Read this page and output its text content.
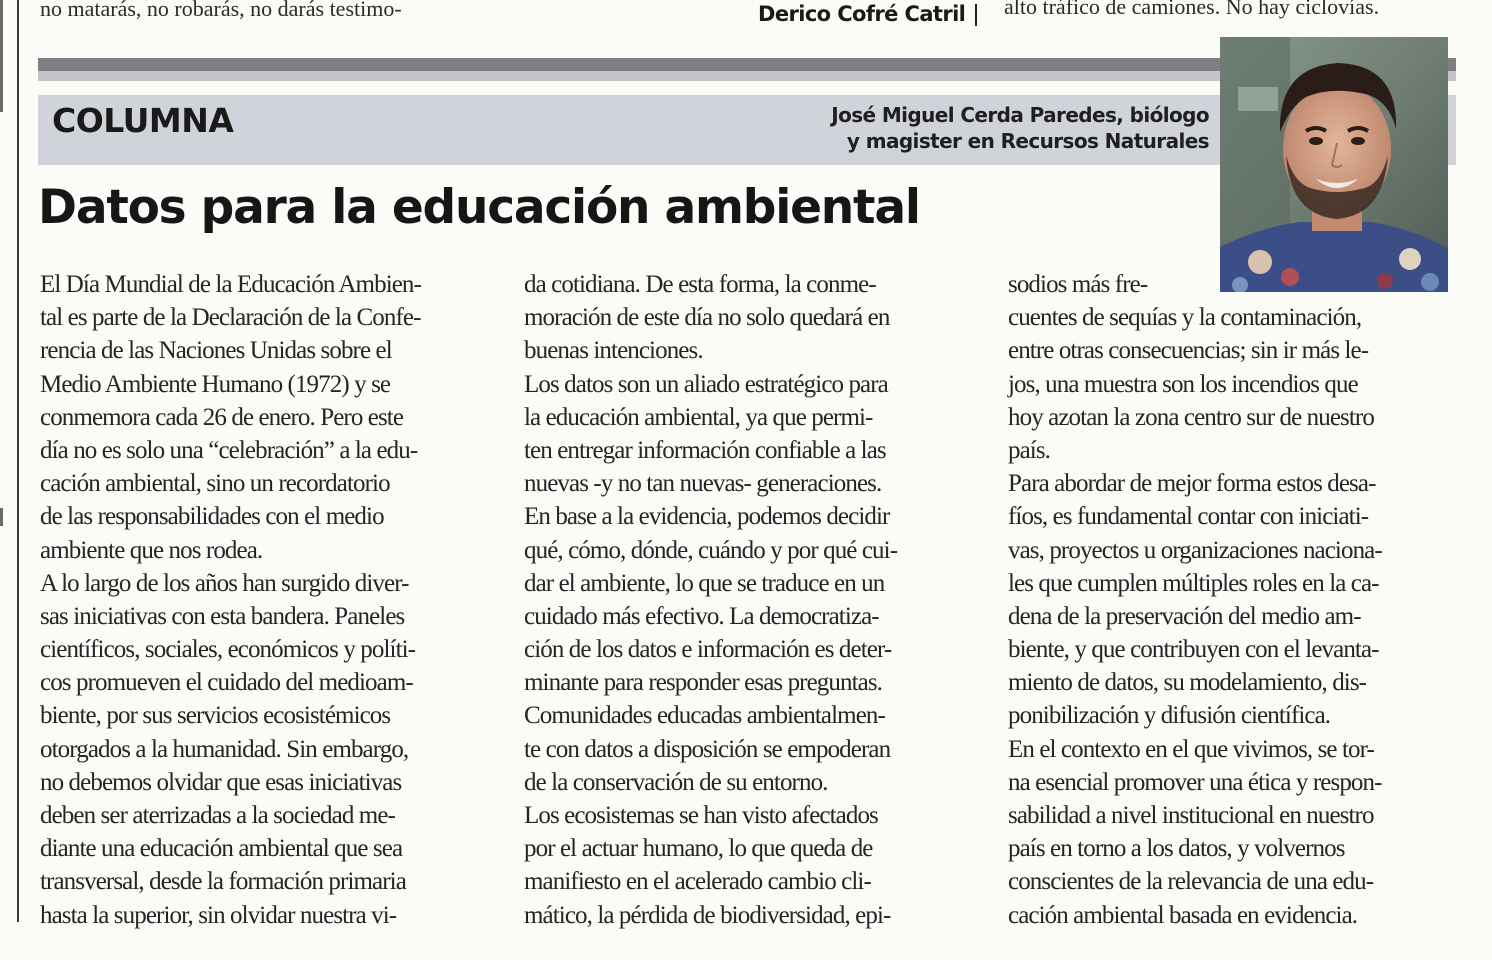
no matarás, no robarás, no darás testimo-	Derico Cofré Catril alto tráfico de camiones. No hay ciclovías.
COLUMNA	José Miguel Cerda Paredes, biólogo
y magister en Recursos Naturales
Datos para la educación ambiental
El Día Mundial de la Educación Ambien-
tal es parte de la Declaración de la Confe-
rencia de las Naciones Unidas sobre el
Medio Ambiente Humano (1972) y se
conmemora cada 26 de enero. Pero este
día no es solo una “celebración” a la edu-
cación ambiental, sino un recordatorio
de las responsabilidades con el medio
ambiente que nos rodea.
A lo largo de los años han surgido diver-
sas iniciativas con esta bandera. Paneles
científicos, sociales, económicos y políti-
cos promueven el cuidado del medioam-
biente, por sus servicios ecosistémicos
otorgados a la humanidad. Sin embargo,
no debemos olvidar que esas iniciativas
deben ser aterrizadas a la sociedad me-
diante una educación ambiental que sea
transversal, desde la formación primaria
hasta la superior, sin olvidar nuestra vi-
da cotidiana. De esta forma, la conme-
moración de este día no solo quedará en
buenas intenciones.
Los datos son un aliado estratégico para
la educación ambiental, ya que permi-
ten entregar información confiable a las
nuevas -y no tan nuevas- generaciones.
En base a la evidencia, podemos decidir
qué, cómo, dónde, cuándo y por qué cui-
dar el ambiente, lo que se traduce en un
cuidado más efectivo. La democratiza-
ción de los datos e información es deter-
minante para responder esas preguntas.
Comunidades educadas ambientalmen-
te con datos a disposición se empoderan
de la conservación de su entorno.
Los ecosistemas se han visto afectados
por el actuar humano, lo que queda de
manifiesto en el acelerado cambio cli-
mático, la pérdida de biodiversidad, epi-
sodios más fre-
cuentes de sequías y la contaminación,
entre otras consecuencias; sin ir más le-
jos, una muestra son los incendios que
hoy azotan la zona centro sur de nuestro
país.
Para abordar de mejor forma estos desa-
fíos, es fundamental contar con iniciati-
vas, proyectos u organizaciones naciona-
les que cumplen múltiples roles en la ca-
dena de la preservación del medio am-
biente, y que contribuyen con el levanta-
miento de datos, su modelamiento, dis-
ponibilización y difusión científica.
En el contexto en el que vivimos, se tor-
na esencial promover una ética y respon-
sabilidad a nivel institucional en nuestro
país en torno a los datos, y volvernos
conscientes de la relevancia de una edu-
cación ambiental basada en evidencia.
